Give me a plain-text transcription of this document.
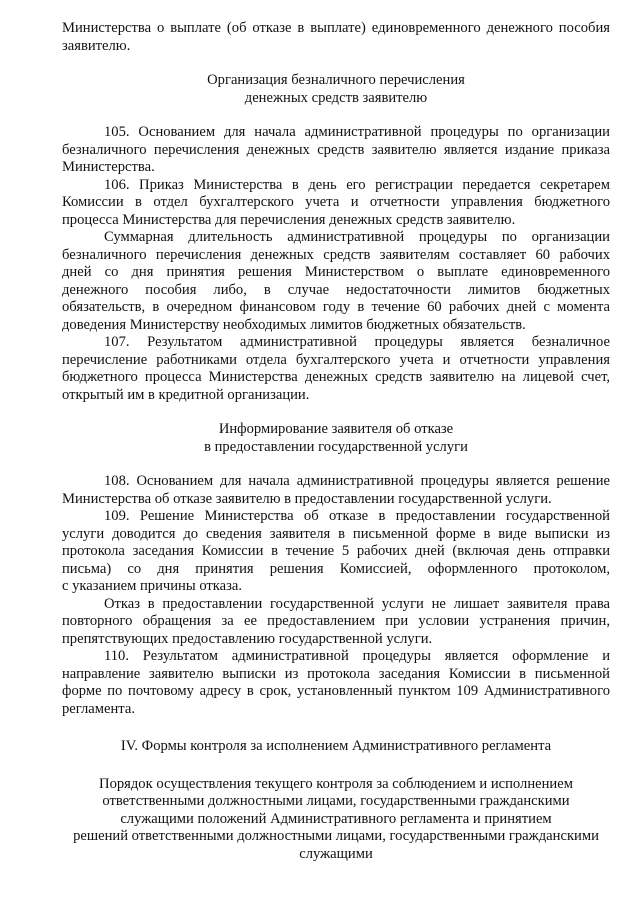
Министерства о выплате (об отказе в выплате) единовременного денежного пособия
заявителю.
Организация безналичного перечисления
денежных средств заявителю
105. Основанием для начала административной процедуры по организации
безналичного перечисления денежных средств заявителю является издание приказа
Министерства.
106. Приказ Министерства в день его регистрации передается секретарем
Комиссии в отдел бухгалтерского учета и отчетности управления бюджетного
процесса Министерства для перечисления денежных средств заявителю.
Суммарная длительность административной процедуры по организации
безналичного перечисления денежных средств заявителям составляет 60 рабочих
дней со дня принятия решения Министерством о выплате единовременного
денежного пособия либо, в случае недостаточности лимитов бюджетных
обязательств, в очередном финансовом году в течение 60 рабочих дней с момента
доведения Министерству необходимых лимитов бюджетных обязательств.
107. Результатом административной процедуры является безналичное
перечисление работниками отдела бухгалтерского учета и отчетности управления
бюджетного процесса Министерства денежных средств заявителю на лицевой счет,
открытый им в кредитной организации.
Информирование заявителя об отказе
в предоставлении государственной услуги
108. Основанием для начала административной процедуры является решение
Министерства об отказе заявителю в предоставлении государственной услуги.
109. Решение Министерства об отказе в предоставлении государственной
услуги доводится до сведения заявителя в письменной форме в виде выписки из
протокола заседания Комиссии в течение 5 рабочих дней (включая день отправки
письма) со дня принятия решения Комиссией, оформленного протоколом,
с указанием причины отказа.
Отказ в предоставлении государственной услуги не лишает заявителя права
повторного обращения за ее предоставлением при условии устранения причин,
препятствующих предоставлению государственной услуги.
110. Результатом административной процедуры является оформление и
направление заявителю выписки из протокола заседания Комиссии в письменной
форме по почтовому адресу в срок, установленный пунктом 109 Административного
регламента.
IV. Формы контроля за исполнением Административного регламента
Порядок осуществления текущего контроля за соблюдением и исполнением
ответственными должностными лицами, государственными гражданскими
служащими положений Административного регламента и принятием
решений ответственными должностными лицами, государственными гражданскими
служащими
